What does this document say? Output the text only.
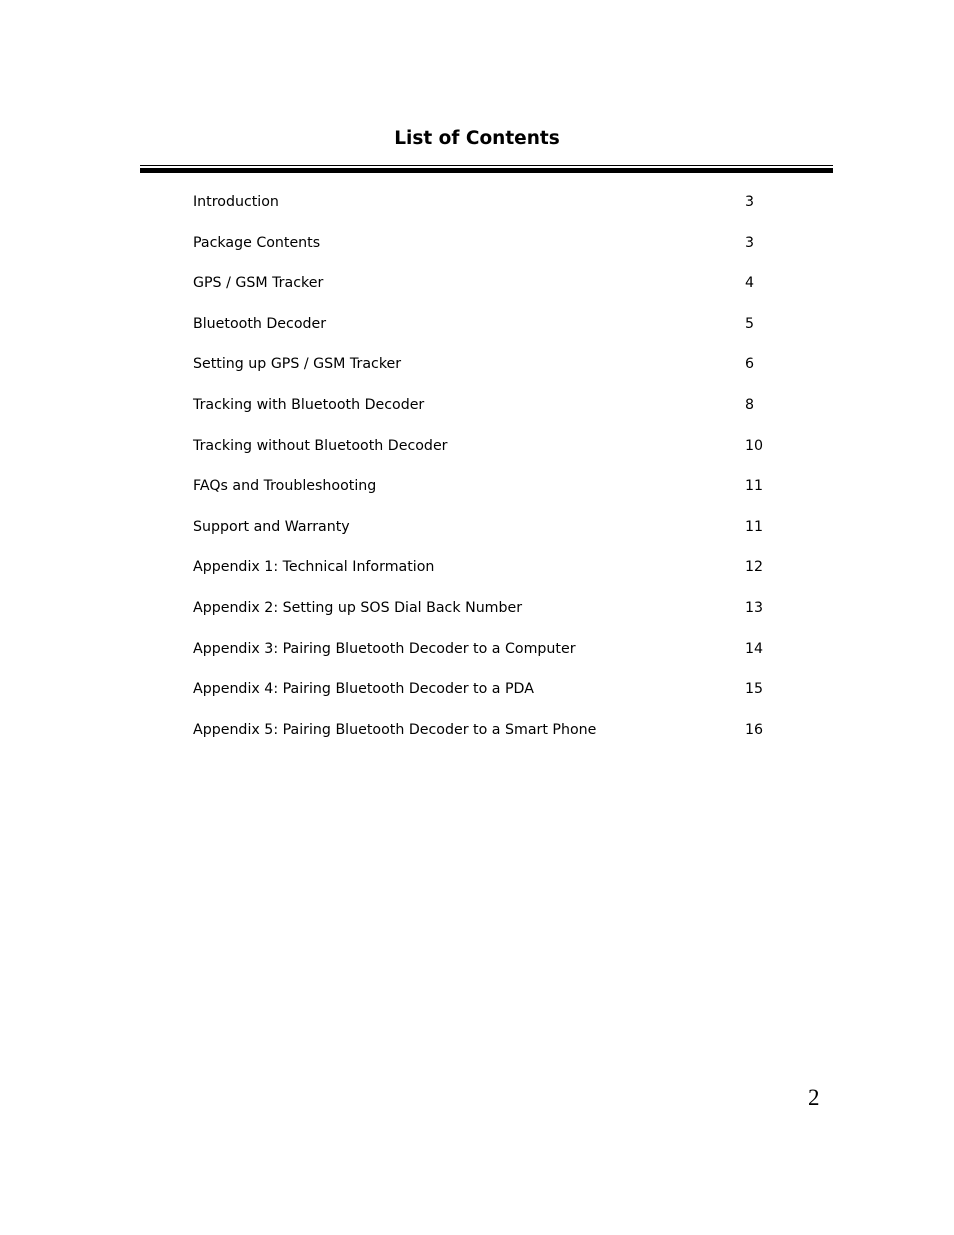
List of Contents
Introduction	3
Package Contents	3
GPS / GSM Tracker	4
Bluetooth Decoder	5
Setting up GPS / GSM Tracker	6
Tracking with Bluetooth Decoder	8
Tracking without Bluetooth Decoder	10
FAQs and Troubleshooting	11
Support and Warranty	11
Appendix 1: Technical Information	12
Appendix 2: Setting up SOS Dial Back Number	13
Appendix 3: Pairing Bluetooth Decoder to a Computer	14
Appendix 4: Pairing Bluetooth Decoder to a PDA	15
Appendix 5: Pairing Bluetooth Decoder to a Smart Phone	16
2
